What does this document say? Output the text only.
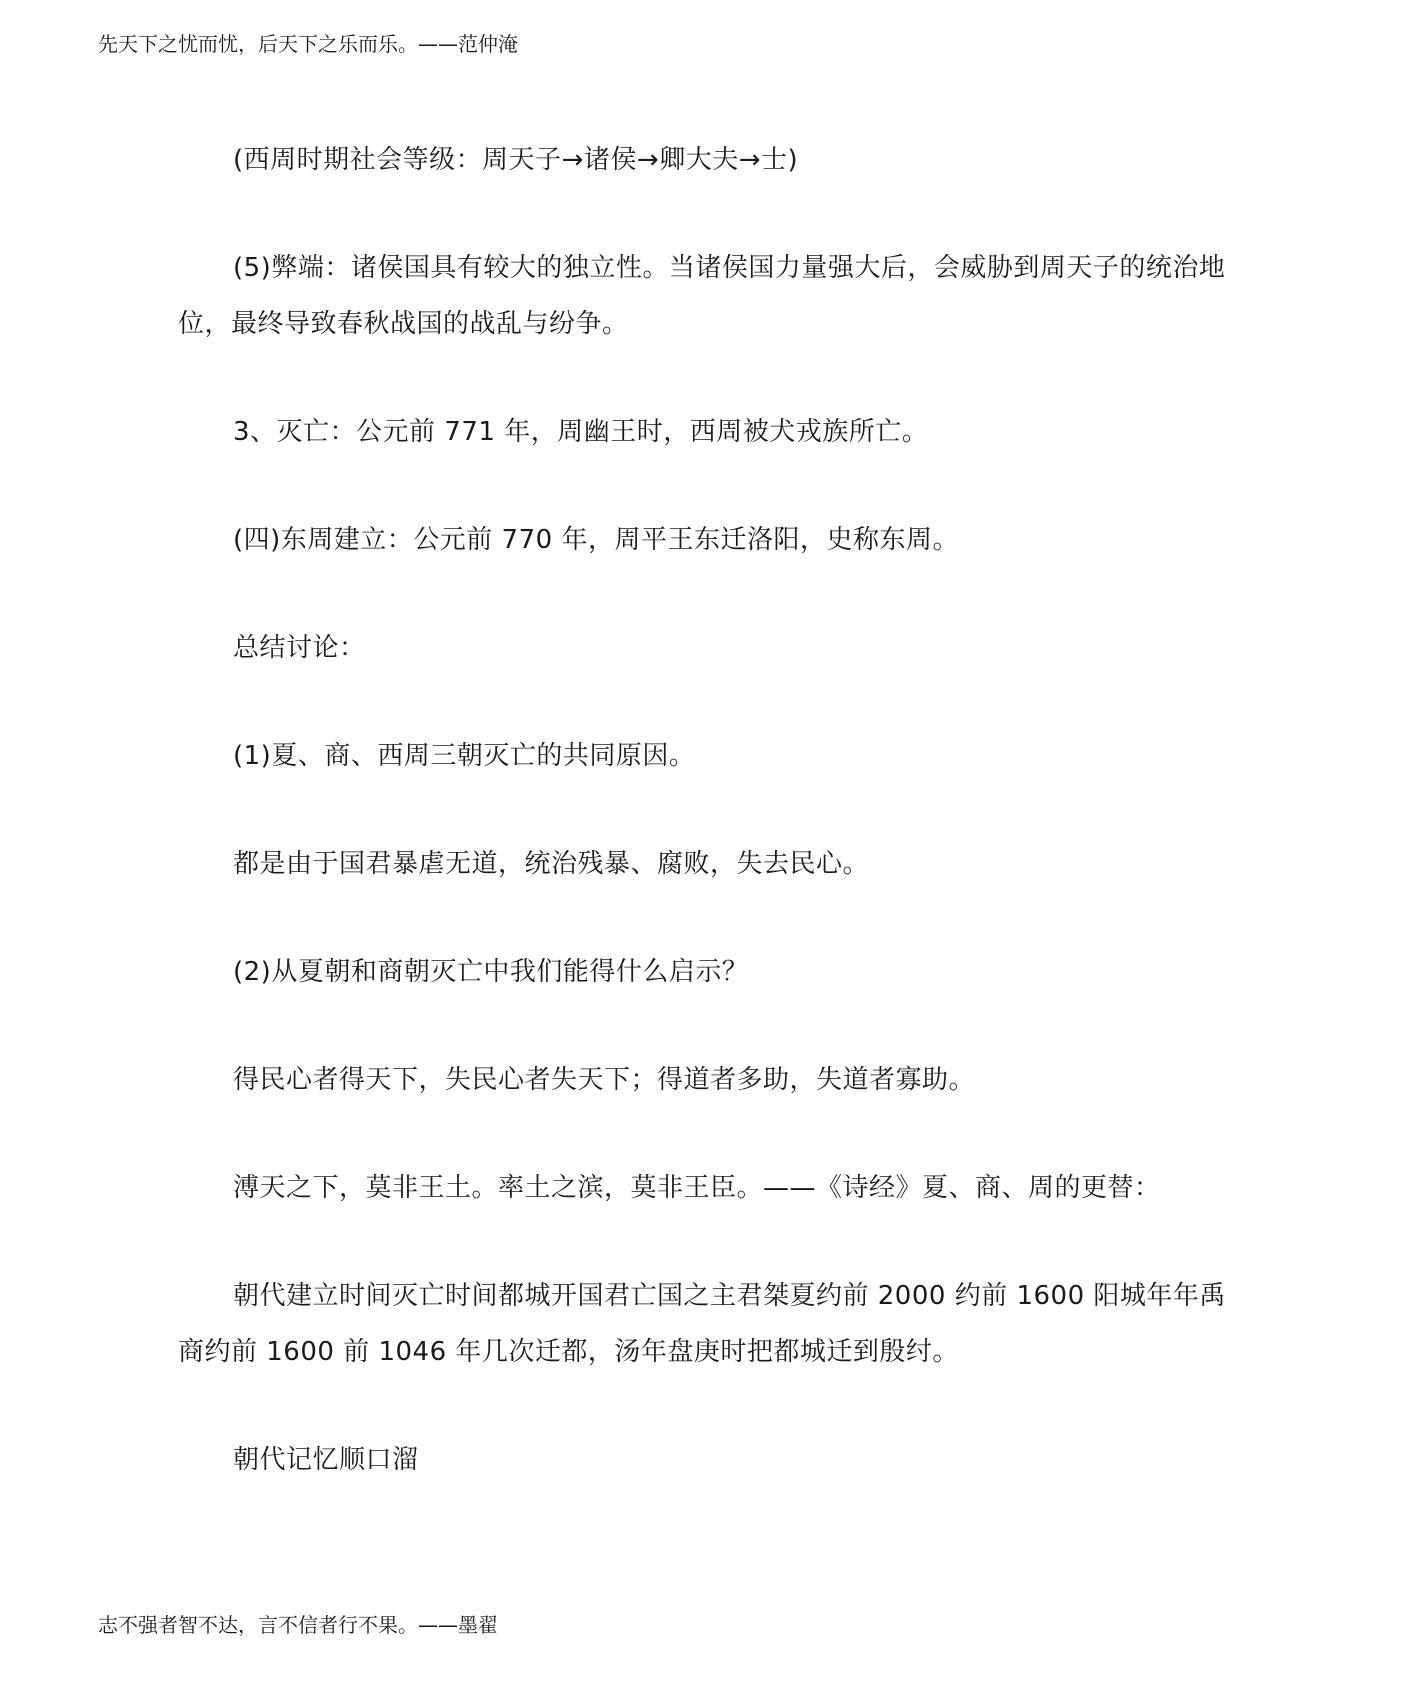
先天下之忧而忧，后天下之乐而乐。——范仲淹

(西周时期社会等级：周天子→诸侯→卿大夫→士)

(5)弊端：诸侯国具有较大的独立性。当诸侯国力量强大后，会威胁到周天子的统治地位，最终导致春秋战国的战乱与纷争。

3、灭亡：公元前 771 年，周幽王时，西周被犬戎族所亡。

(四)东周建立：公元前 770 年，周平王东迁洛阳，史称东周。

总结讨论：

(1)夏、商、西周三朝灭亡的共同原因。

都是由于国君暴虐无道，统治残暴、腐败，失去民心。

(2)从夏朝和商朝灭亡中我们能得什么启示？

得民心者得天下，失民心者失天下；得道者多助，失道者寡助。

溥天之下，莫非王土。率土之滨，莫非王臣。——《诗经》夏、商、周的更替：

朝代建立时间灭亡时间都城开国君亡国之主君桀夏约前 2000 约前 1600 阳城年年禹商约前 1600 前 1046 年几次迁都，汤年盘庚时把都城迁到殷纣。

朝代记忆顺口溜

志不强者智不达，言不信者行不果。——墨翟
